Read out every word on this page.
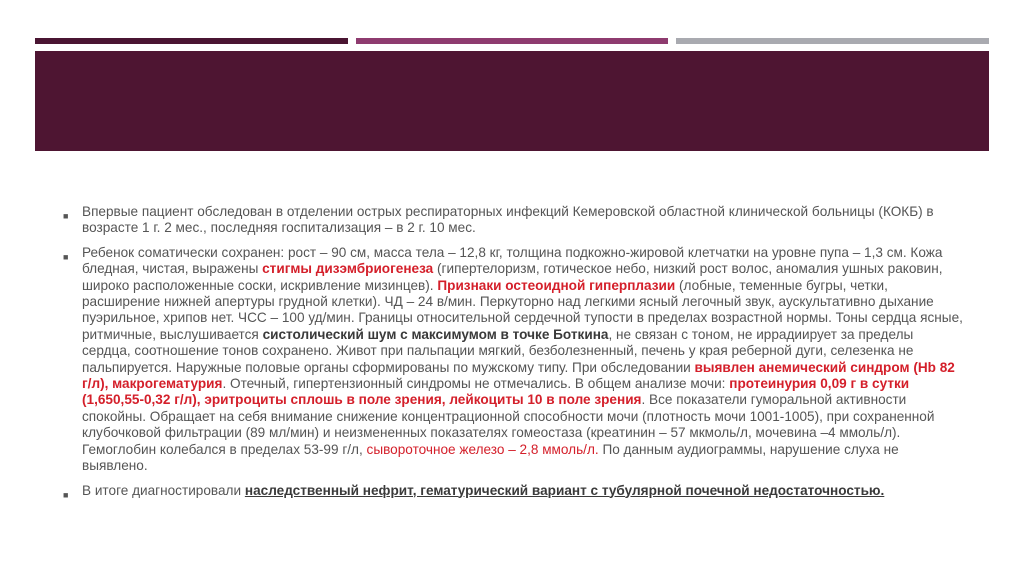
■ Впервые пациент обследован в отделении острых респираторных инфекций Кемеровской областной клинической больницы (КОКБ) в возрасте 1 г. 2 мес., последняя госпитализация – в 2 г. 10 мес.
■ Ребенок соматически сохранен: рост – 90 см, масса тела – 12,8 кг, толщина подкожно-жировой клетчатки на уровне пупа – 1,3 см. Кожа бледная, чистая, выражены стигмы дизэмбриогенеза (гипертелоризм, готическое небо, низкий рост волос, аномалия ушных раковин, широко расположенные соски, искривление мизинцев). Признаки остеоидной гиперплазии (лобные, теменные бугры, четки, расширение нижней апертуры грудной клетки). ЧД – 24 в/мин. Перкуторно над легкими ясный легочный звук, аускультативно дыхание пуэрильное, хрипов нет. ЧСС – 100 уд/мин. Границы относительной сердечной тупости в пределах возрастной нормы. Тоны сердца ясные, ритмичные, выслушивается систолический шум с максимумом в точке Боткина, не связан с тоном, не иррадиирует за пределы сердца, соотношение тонов сохранено. Живот при пальпации мягкий, безболезненный, печень у края реберной дуги, селезенка не пальпируется. Наружные половые органы сформированы по мужскому типу. При обследовании выявлен анемический синдром (Hb 82 г/л), макрогематурия. Отечный, гипертензионный синдромы не отмечались. В общем анализе мочи: протеинурия 0,09 г в сутки (1,650,55-0,32 г/л), эритроциты сплошь в поле зрения, лейкоциты 10 в поле зрения. Все показатели гуморальной активности спокойны. Обращает на себя внимание снижение концентрационной способности мочи (плотность мочи 1001-1005), при сохраненной клубочковой фильтрации (89 мл/мин) и неизмененных показателях гомеостаза (креатинин – 57 мкмоль/л, мочевина –4 ммоль/л). Гемоглобин колебался в пределах 53-99 г/л, сывороточное железо – 2,8 ммоль/л. По данным аудиограммы, нарушение слуха не выявлено.
■ В итоге диагностировали наследственный нефрит, гематурический вариант с тубулярной почечной недостаточностью.
